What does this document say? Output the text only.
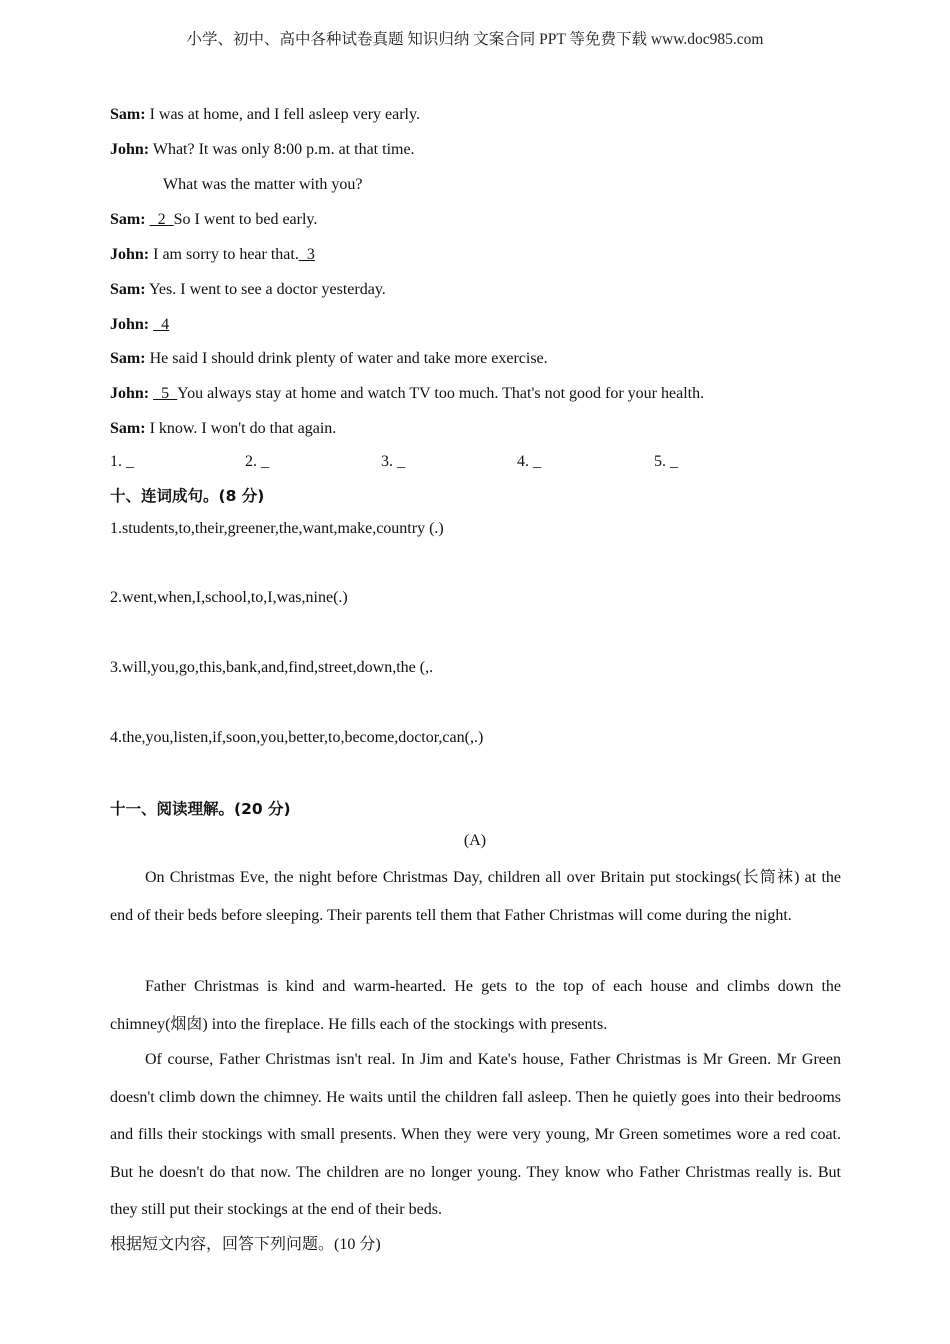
小学、初中、高中各种试卷真题 知识归纳 文案合同 PPT 等免费下载 www.doc985.com
Sam: I was at home, and I fell asleep very early.
John: What? It was only 8:00 p.m. at that time.
What was the matter with you?
Sam: _2_So I went to bed early.
John: I am sorry to hear that._3
Sam: Yes. I went to see a doctor yesterday.
John: _4
Sam: He said I should drink plenty of water and take more exercise.
John: _5_You always stay at home and watch TV too much. That's not good for your health.
Sam: I know. I won't do that again.
1. _	2. _	3. _	4. _	5. _
十、连词成句。(8 分)
1.students,to,their,greener,the,want,make,country (.)
2.went,when,I,school,to,I,was,nine(.)
3.will,you,go,this,bank,and,find,street,down,the (,.
4.the,you,listen,if,soon,you,better,to,become,doctor,can(,.)
十一、阅读理解。(20 分)
(A)

On Christmas Eve, the night before Christmas Day, children all over Britain put stockings(长筒袜) at the end of their beds before sleeping. Their parents tell them that Father Christmas will come during the night.

Father Christmas is kind and warm-hearted. He gets to the top of each house and climbs down the chimney(烟囱) into the fireplace. He fills each of the stockings with presents.

Of course, Father Christmas isn't real. In Jim and Kate's house, Father Christmas is Mr Green. Mr Green doesn't climb down the chimney. He waits until the children fall asleep. Then he quietly goes into their bedrooms and fills their stockings with small presents. When they were very young, Mr Green sometimes wore a red coat. But he doesn't do that now. The children are no longer young. They know who Father Christmas really is. But they still put their stockings at the end of their beds.

根据短文内容，回答下列问题。(10 分)
